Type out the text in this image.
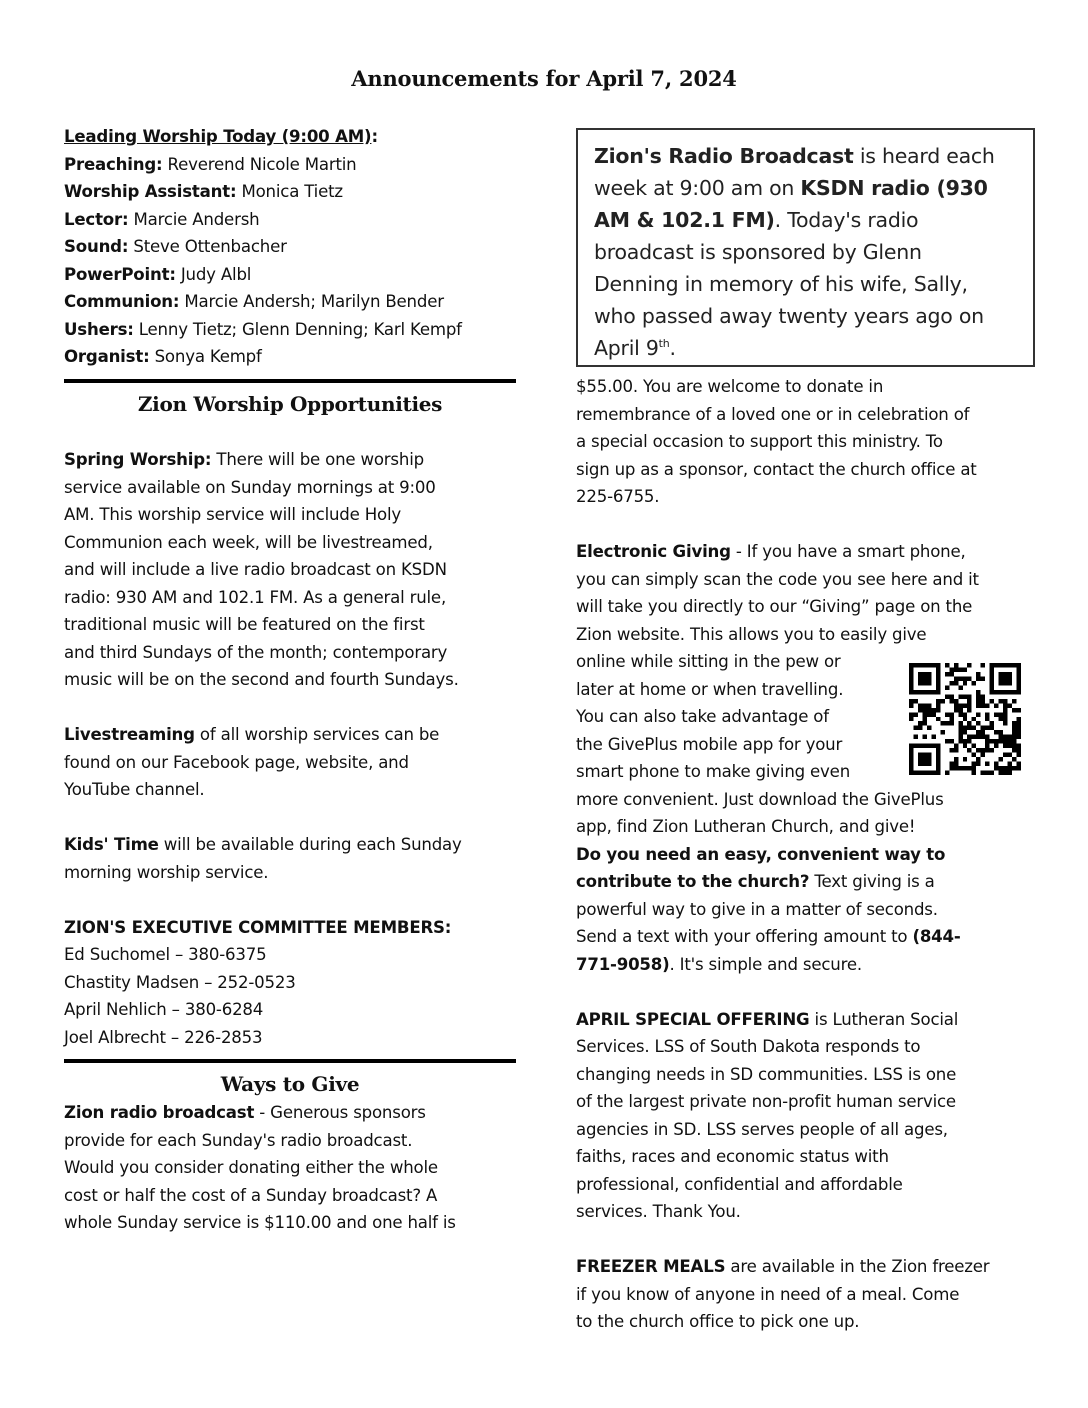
Announcements for April 7, 2024
Leading Worship Today (9:00 AM):
Preaching: Reverend Nicole Martin
Worship Assistant: Monica Tietz
Lector: Marcie Andersh
Sound: Steve Ottenbacher
PowerPoint: Judy Albl
Communion: Marcie Andersh; Marilyn Bender
Ushers: Lenny Tietz; Glenn Denning; Karl Kempf
Organist: Sonya Kempf
Zion Worship Opportunities
Spring Worship: There will be one worship
service available on Sunday mornings at 9:00
AM. This worship service will include Holy
Communion each week, will be livestreamed,
and will include a live radio broadcast on KSDN
radio: 930 AM and 102.1 FM. As a general rule,
traditional music will be featured on the first
and third Sundays of the month; contemporary
music will be on the second and fourth Sundays.
Livestreaming of all worship services can be
found on our Facebook page, website, and
YouTube channel.
Kids' Time will be available during each Sunday
morning worship service.
ZION'S EXECUTIVE COMMITTEE MEMBERS:
Ed Suchomel – 380-6375
Chastity Madsen – 252-0523
April Nehlich – 380-6284
Joel Albrecht – 226-2853
Ways to Give
Zion radio broadcast - Generous sponsors
provide for each Sunday's radio broadcast.
Would you consider donating either the whole
cost or half the cost of a Sunday broadcast? A
whole Sunday service is $110.00 and one half is
Zion's Radio Broadcast is heard each
week at 9:00 am on KSDN radio (930
AM & 102.1 FM). Today's radio
broadcast is sponsored by Glenn
Denning in memory of his wife, Sally,
who passed away twenty years ago on
April 9th.
$55.00. You are welcome to donate in
remembrance of a loved one or in celebration of
a special occasion to support this ministry. To
sign up as a sponsor, contact the church office at
225-6755.
Electronic Giving - If you have a smart phone,
you can simply scan the code you see here and it
will take you directly to our “Giving” page on the
Zion website. This allows you to easily give
online while sitting in the pew or
later at home or when travelling.
You can also take advantage of
the GivePlus mobile app for your
smart phone to make giving even
more convenient. Just download the GivePlus
app, find Zion Lutheran Church, and give!
Do you need an easy, convenient way to
contribute to the church? Text giving is a
powerful way to give in a matter of seconds.
Send a text with your offering amount to (844-
771-9058). It's simple and secure.
APRIL SPECIAL OFFERING is Lutheran Social
Services. LSS of South Dakota responds to
changing needs in SD communities. LSS is one
of the largest private non-profit human service
agencies in SD. LSS serves people of all ages,
faiths, races and economic status with
professional, confidential and affordable
services. Thank You.
FREEZER MEALS are available in the Zion freezer
if you know of anyone in need of a meal. Come
to the church office to pick one up.
